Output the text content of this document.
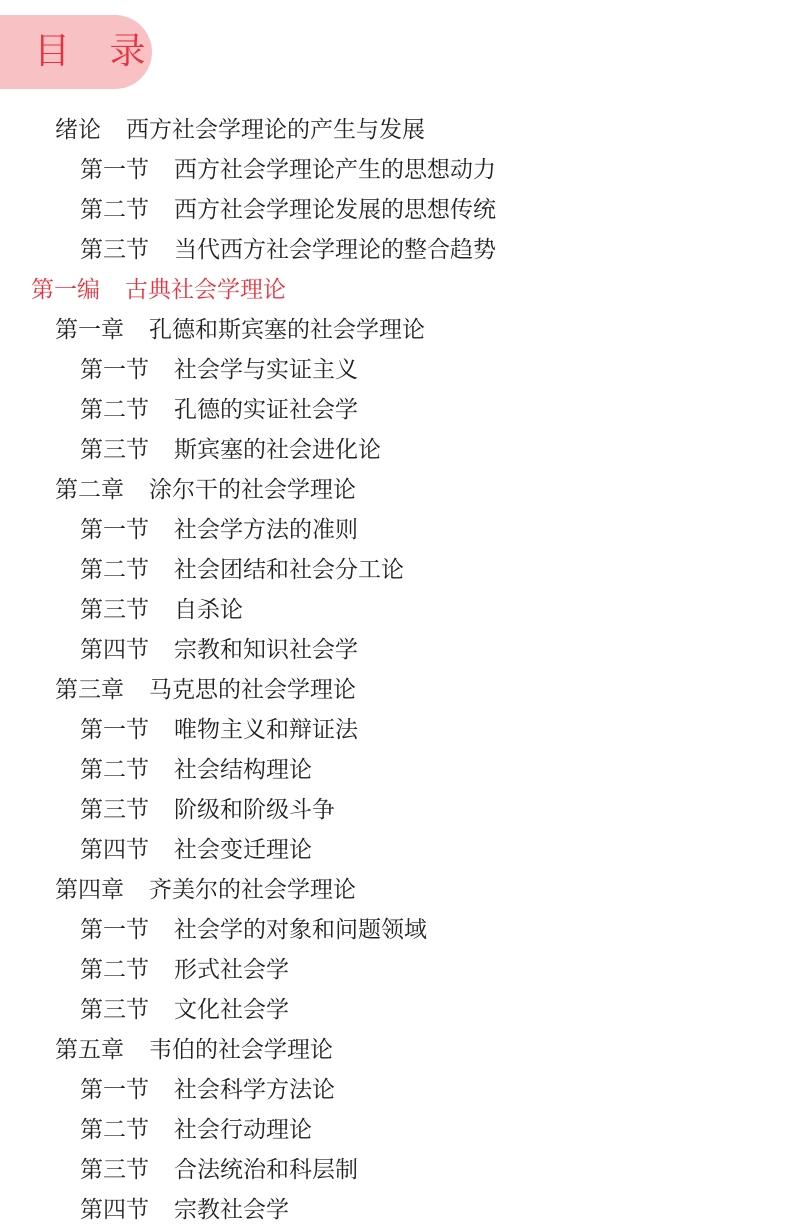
目 录
绪论 西方社会学理论的产生与发展
第一节 西方社会学理论产生的思想动力
第二节 西方社会学理论发展的思想传统
第三节 当代西方社会学理论的整合趋势
第一编 古典社会学理论
第一章 孔德和斯宾塞的社会学理论
第一节 社会学与实证主义
第二节 孔德的实证社会学
第三节 斯宾塞的社会进化论
第二章 涂尔干的社会学理论
第一节 社会学方法的准则
第二节 社会团结和社会分工论
第三节 自杀论
第四节 宗教和知识社会学
第三章 马克思的社会学理论
第一节 唯物主义和辩证法
第二节 社会结构理论
第三节 阶级和阶级斗争
第四节 社会变迁理论
第四章 齐美尔的社会学理论
第一节 社会学的对象和问题领域
第二节 形式社会学
第三节 文化社会学
第五章 韦伯的社会学理论
第一节 社会科学方法论
第二节 社会行动理论
第三节 合法统治和科层制
第四节 宗教社会学
